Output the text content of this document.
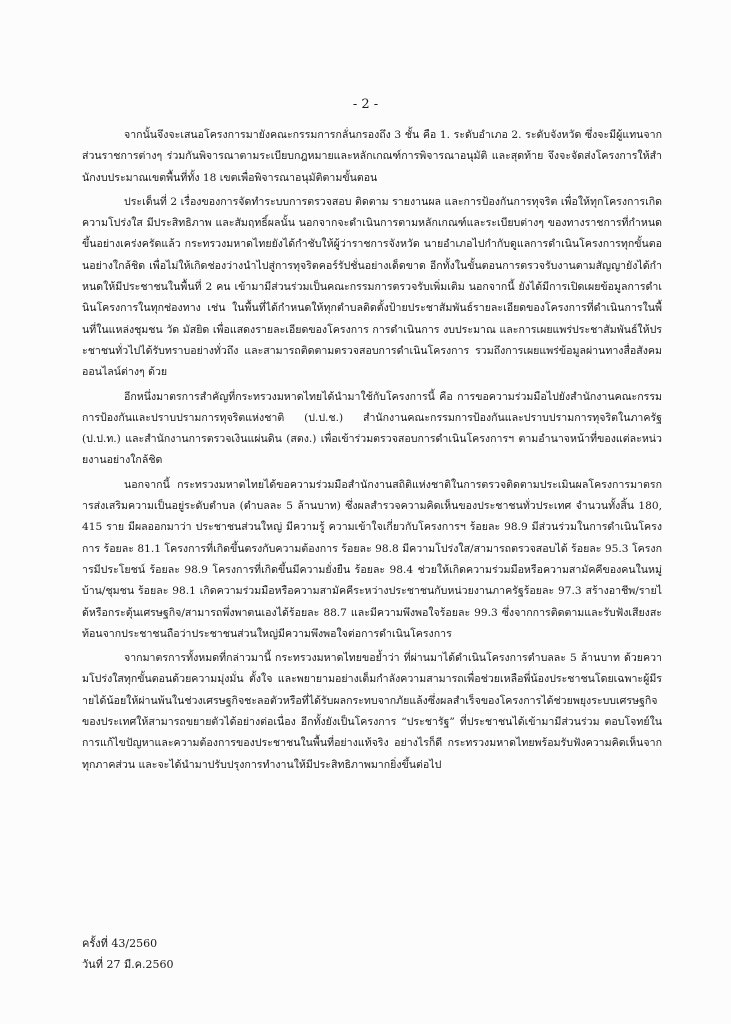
- 2 -

จากนั้นจึงจะเสนอโครงการมายังคณะกรรมการกลั่นกรองถึง 3 ชั้น คือ 1. ระดับอำเภอ 2. ระดับจังหวัด ซึ่งจะมีผู้แทนจากส่วนราชการต่างๆ ร่วมกันพิจารณาตามระเบียบกฎหมายและหลักเกณฑ์การพิจารณาอนุมัติ และสุดท้าย จึงจะจัดส่งโครงการให้สำนักงบประมาณเขตพื้นที่ทั้ง 18 เขตเพื่อพิจารณาอนุมัติตามขั้นตอน

ประเด็นที่ 2 เรื่องของการจัดทำระบบการตรวจสอบ ติดตาม รายงานผล และการป้องกันการทุจริต เพื่อให้ทุกโครงการเกิดความโปร่งใส มีประสิทธิภาพ และสัมฤทธิ์ผลนั้น นอกจากจะดำเนินการตามหลักเกณฑ์และระเบียบต่างๆ ของทางราชการที่กำหนดขึ้นอย่างเคร่งครัดแล้ว กระทรวงมหาดไทยยังได้กำชับให้ผู้ว่าราชการจังหวัด นายอำเภอไปกำกับดูแลการดำเนินโครงการทุกขั้นตอนอย่างใกล้ชิด เพื่อไม่ให้เกิดช่องว่างนำไปสู่การทุจริตคอร์รัปชั่นอย่างเด็ดขาด อีกทั้งในขั้นตอนการตรวจรับงานตามสัญญายังได้กำหนดให้มีประชาชนในพื้นที่ 2 คน เข้ามามีส่วนร่วมเป็นคณะกรรมการตรวจรับเพิ่มเติม นอกจากนี้ ยังได้มีการเปิดเผยข้อมูลการดำเนินโครงการในทุกช่องทาง เช่น ในพื้นที่ได้กำหนดให้ทุกตำบลติดตั้งป้ายประชาสัมพันธ์รายละเอียดของโครงการที่ดำเนินการในพื้นที่ในแหล่งชุมชน วัด มัสยิด เพื่อแสดงรายละเอียดของโครงการ การดำเนินการ งบประมาณ และการเผยแพร่ประชาสัมพันธ์ให้ประชาชนทั่วไปได้รับทราบอย่างทั่วถึง และสามารถติดตามตรวจสอบการดำเนินโครงการ รวมถึงการเผยแพร่ข้อมูลผ่านทางสื่อสังคมออนไลน์ต่างๆ ด้วย

อีกหนึ่งมาตรการสำคัญที่กระทรวงมหาดไทยได้นำมาใช้กับโครงการนี้ คือ การขอความร่วมมือไปยังสำนักงานคณะกรรมการป้องกันและปราบปรามการทุจริตแห่งชาติ (ป.ป.ช.) สำนักงานคณะกรรมการป้องกันและปราบปรามการทุจริตในภาครัฐ (ป.ป.ท.) และสำนักงานการตรวจเงินแผ่นดิน (สตง.) เพื่อเข้าร่วมตรวจสอบการดำเนินโครงการฯ ตามอำนาจหน้าที่ของแต่ละหน่วยงานอย่างใกล้ชิด

นอกจากนี้ กระทรวงมหาดไทยได้ขอความร่วมมือสำนักงานสถิติแห่งชาติในการตรวจติดตามประเมินผลโครงการมาตรการส่งเสริมความเป็นอยู่ระดับตำบล (ตำบลละ 5 ล้านบาท) ซึ่งผลสำรวจความคิดเห็นของประชาชนทั่วประเทศ จำนวนทั้งสิ้น 180,415 ราย มีผลออกมาว่า ประชาชนส่วนใหญ่ มีความรู้ ความเข้าใจเกี่ยวกับโครงการฯ ร้อยละ 98.9 มีส่วนร่วมในการดำเนินโครงการ ร้อยละ 81.1 โครงการที่เกิดขึ้นตรงกับความต้องการ ร้อยละ 98.8 มีความโปร่งใส/สามารถตรวจสอบได้ ร้อยละ 95.3 โครงการมีประโยชน์ ร้อยละ 98.9 โครงการที่เกิดขึ้นมีความยั่งยืน ร้อยละ 98.4 ช่วยให้เกิดความร่วมมือหรือความสามัคคีของคนในหมู่บ้าน/ชุมชน ร้อยละ 98.1 เกิดความร่วมมือหรือความสามัคคีระหว่างประชาชนกับหน่วยงานภาครัฐร้อยละ 97.3 สร้างอาชีพ/รายได้หรือกระตุ้นเศรษฐกิจ/สามารถพึ่งพาตนเองได้ร้อยละ 88.7 และมีความพึงพอใจร้อยละ 99.3 ซึ่งจากการติดตามและรับฟังเสียงสะท้อนจากประชาชนถือว่าประชาชนส่วนใหญ่มีความพึงพอใจต่อการดำเนินโครงการ

จากมาตรการทั้งหมดที่กล่าวมานี้ กระทรวงมหาดไทยขอย้ำว่า ที่ผ่านมาได้ดำเนินโครงการตำบลละ 5 ล้านบาท ด้วยความโปร่งใสทุกขั้นตอนด้วยความมุ่งมั่น ตั้งใจ และพยายามอย่างเต็มกำลังความสามารถเพื่อช่วยเหลือพี่น้องประชาชนโดยเฉพาะผู้มีรายได้น้อยให้ผ่านพ้นในช่วงเศรษฐกิจชะลอตัวหรือที่ได้รับผลกระทบจากภัยแล้งซึ่งผลสำเร็จของโครงการได้ช่วยพยุงระบบเศรษฐกิจของประเทศให้สามารถขยายตัวได้อย่างต่อเนื่อง อีกทั้งยังเป็นโครงการ “ประชารัฐ” ที่ประชาชนได้เข้ามามีส่วนร่วม ตอบโจทย์ในการแก้ไขปัญหาและความต้องการของประชาชนในพื้นที่อย่างแท้จริง อย่างไรก็ดี กระทรวงมหาดไทยพร้อมรับฟังความคิดเห็นจากทุกภาคส่วน และจะได้นำมาปรับปรุงการทำงานให้มีประสิทธิภาพมากยิ่งขึ้นต่อไป

ครั้งที่ 43/2560
วันที่ 27 มี.ค.2560
